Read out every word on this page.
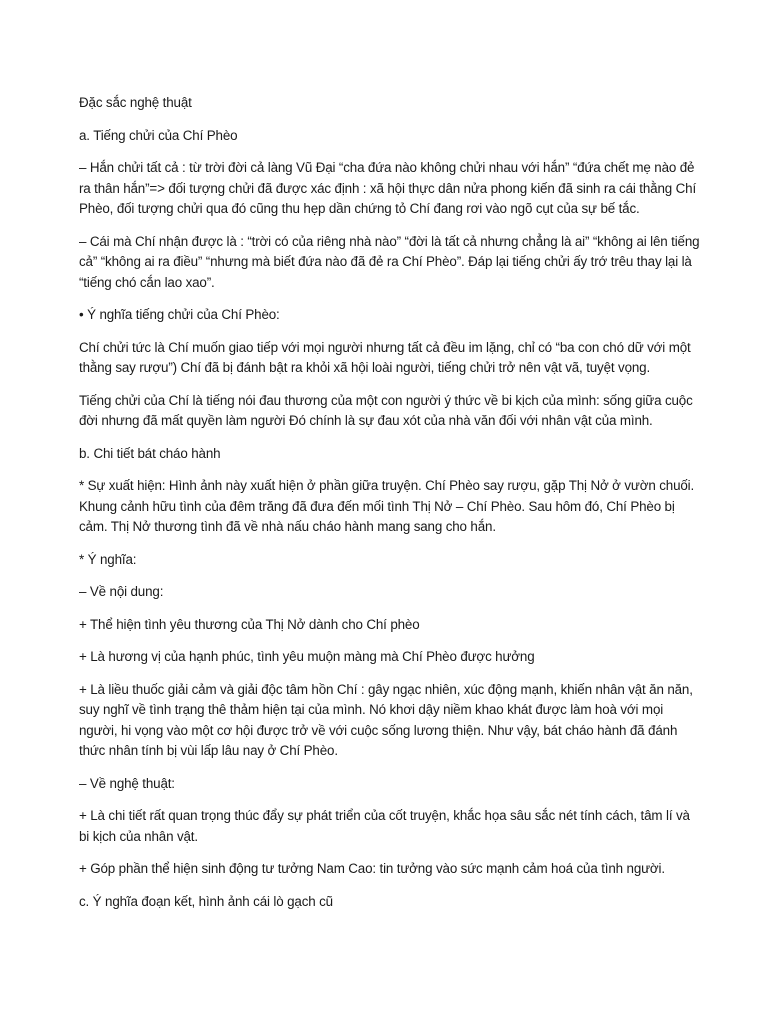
Đặc sắc nghệ thuật

a. Tiếng chửi của Chí Phèo

– Hắn chửi tất cả : từ trời đời cả làng Vũ Đại “cha đứa nào không chửi nhau với hắn” “đứa chết mẹ nào đẻ ra thân hắn”=> đối tượng chửi đã được xác định : xã hội thực dân nửa phong kiến đã sinh ra cái thằng Chí Phèo, đối tượng chửi qua đó cũng thu hẹp dần chứng tỏ Chí đang rơi vào ngõ cụt của sự bế tắc.

– Cái mà Chí nhận được là : “trời có của riêng nhà nào” “đời là tất cả nhưng chẳng là ai” “không ai lên tiếng cả” “không ai ra điều” “nhưng mà biết đứa nào đã đẻ ra Chí Phèo”. Đáp lại tiếng chửi ấy trớ trêu thay lại là “tiếng chó cắn lao xao”.

• Ý nghĩa tiếng chửi của Chí Phèo:

Chí chửi tức là Chí muốn giao tiếp với mọi người nhưng tất cả đều im lặng, chỉ có “ba con chó dữ với một thằng say rượu”) Chí đã bị đánh bật ra khỏi xã hội loài người, tiếng chửi trở nên vật vã, tuyệt vọng.

Tiếng chửi của Chí là tiếng nói đau thương của một con người ý thức về bi kịch của mình: sống giữa cuộc đời nhưng đã mất quyền làm người Đó chính là sự đau xót của nhà văn đối với nhân vật của mình.

b. Chi tiết bát cháo hành

* Sự xuất hiện: Hình ảnh này xuất hiện ở phần giữa truyện. Chí Phèo say rượu, gặp Thị Nở ở vườn chuối. Khung cảnh hữu tình của đêm trăng đã đưa đến mối tình Thị Nở – Chí Phèo. Sau hôm đó, Chí Phèo bị cảm. Thị Nở thương tình đã về nhà nấu cháo hành mang sang cho hắn.

* Ý nghĩa:

– Về nội dung:

+ Thể hiện tình yêu thương của Thị Nở dành cho Chí phèo

+ Là hương vị của hạnh phúc, tình yêu muộn màng mà Chí Phèo được hưởng

+ Là liều thuốc giải cảm và giải độc tâm hồn Chí : gây ngạc nhiên, xúc động mạnh, khiến nhân vật ăn năn, suy nghĩ về tình trạng thê thảm hiện tại của mình. Nó khơi dậy niềm khao khát được làm hoà với mọi người, hi vọng vào một cơ hội được trở về với cuộc sống lương thiện. Như vậy, bát cháo hành đã đánh thức nhân tính bị vùi lấp lâu nay ở Chí Phèo.

– Về nghệ thuật:

+ Là chi tiết rất quan trọng thúc đẩy sự phát triển của cốt truyện, khắc họa sâu sắc nét tính cách, tâm lí và bi kịch của nhân vật.

+ Góp phần thể hiện sinh động tư tưởng Nam Cao: tin tưởng vào sức mạnh cảm hoá của tình người.

c. Ý nghĩa đoạn kết, hình ảnh cái lò gạch cũ
